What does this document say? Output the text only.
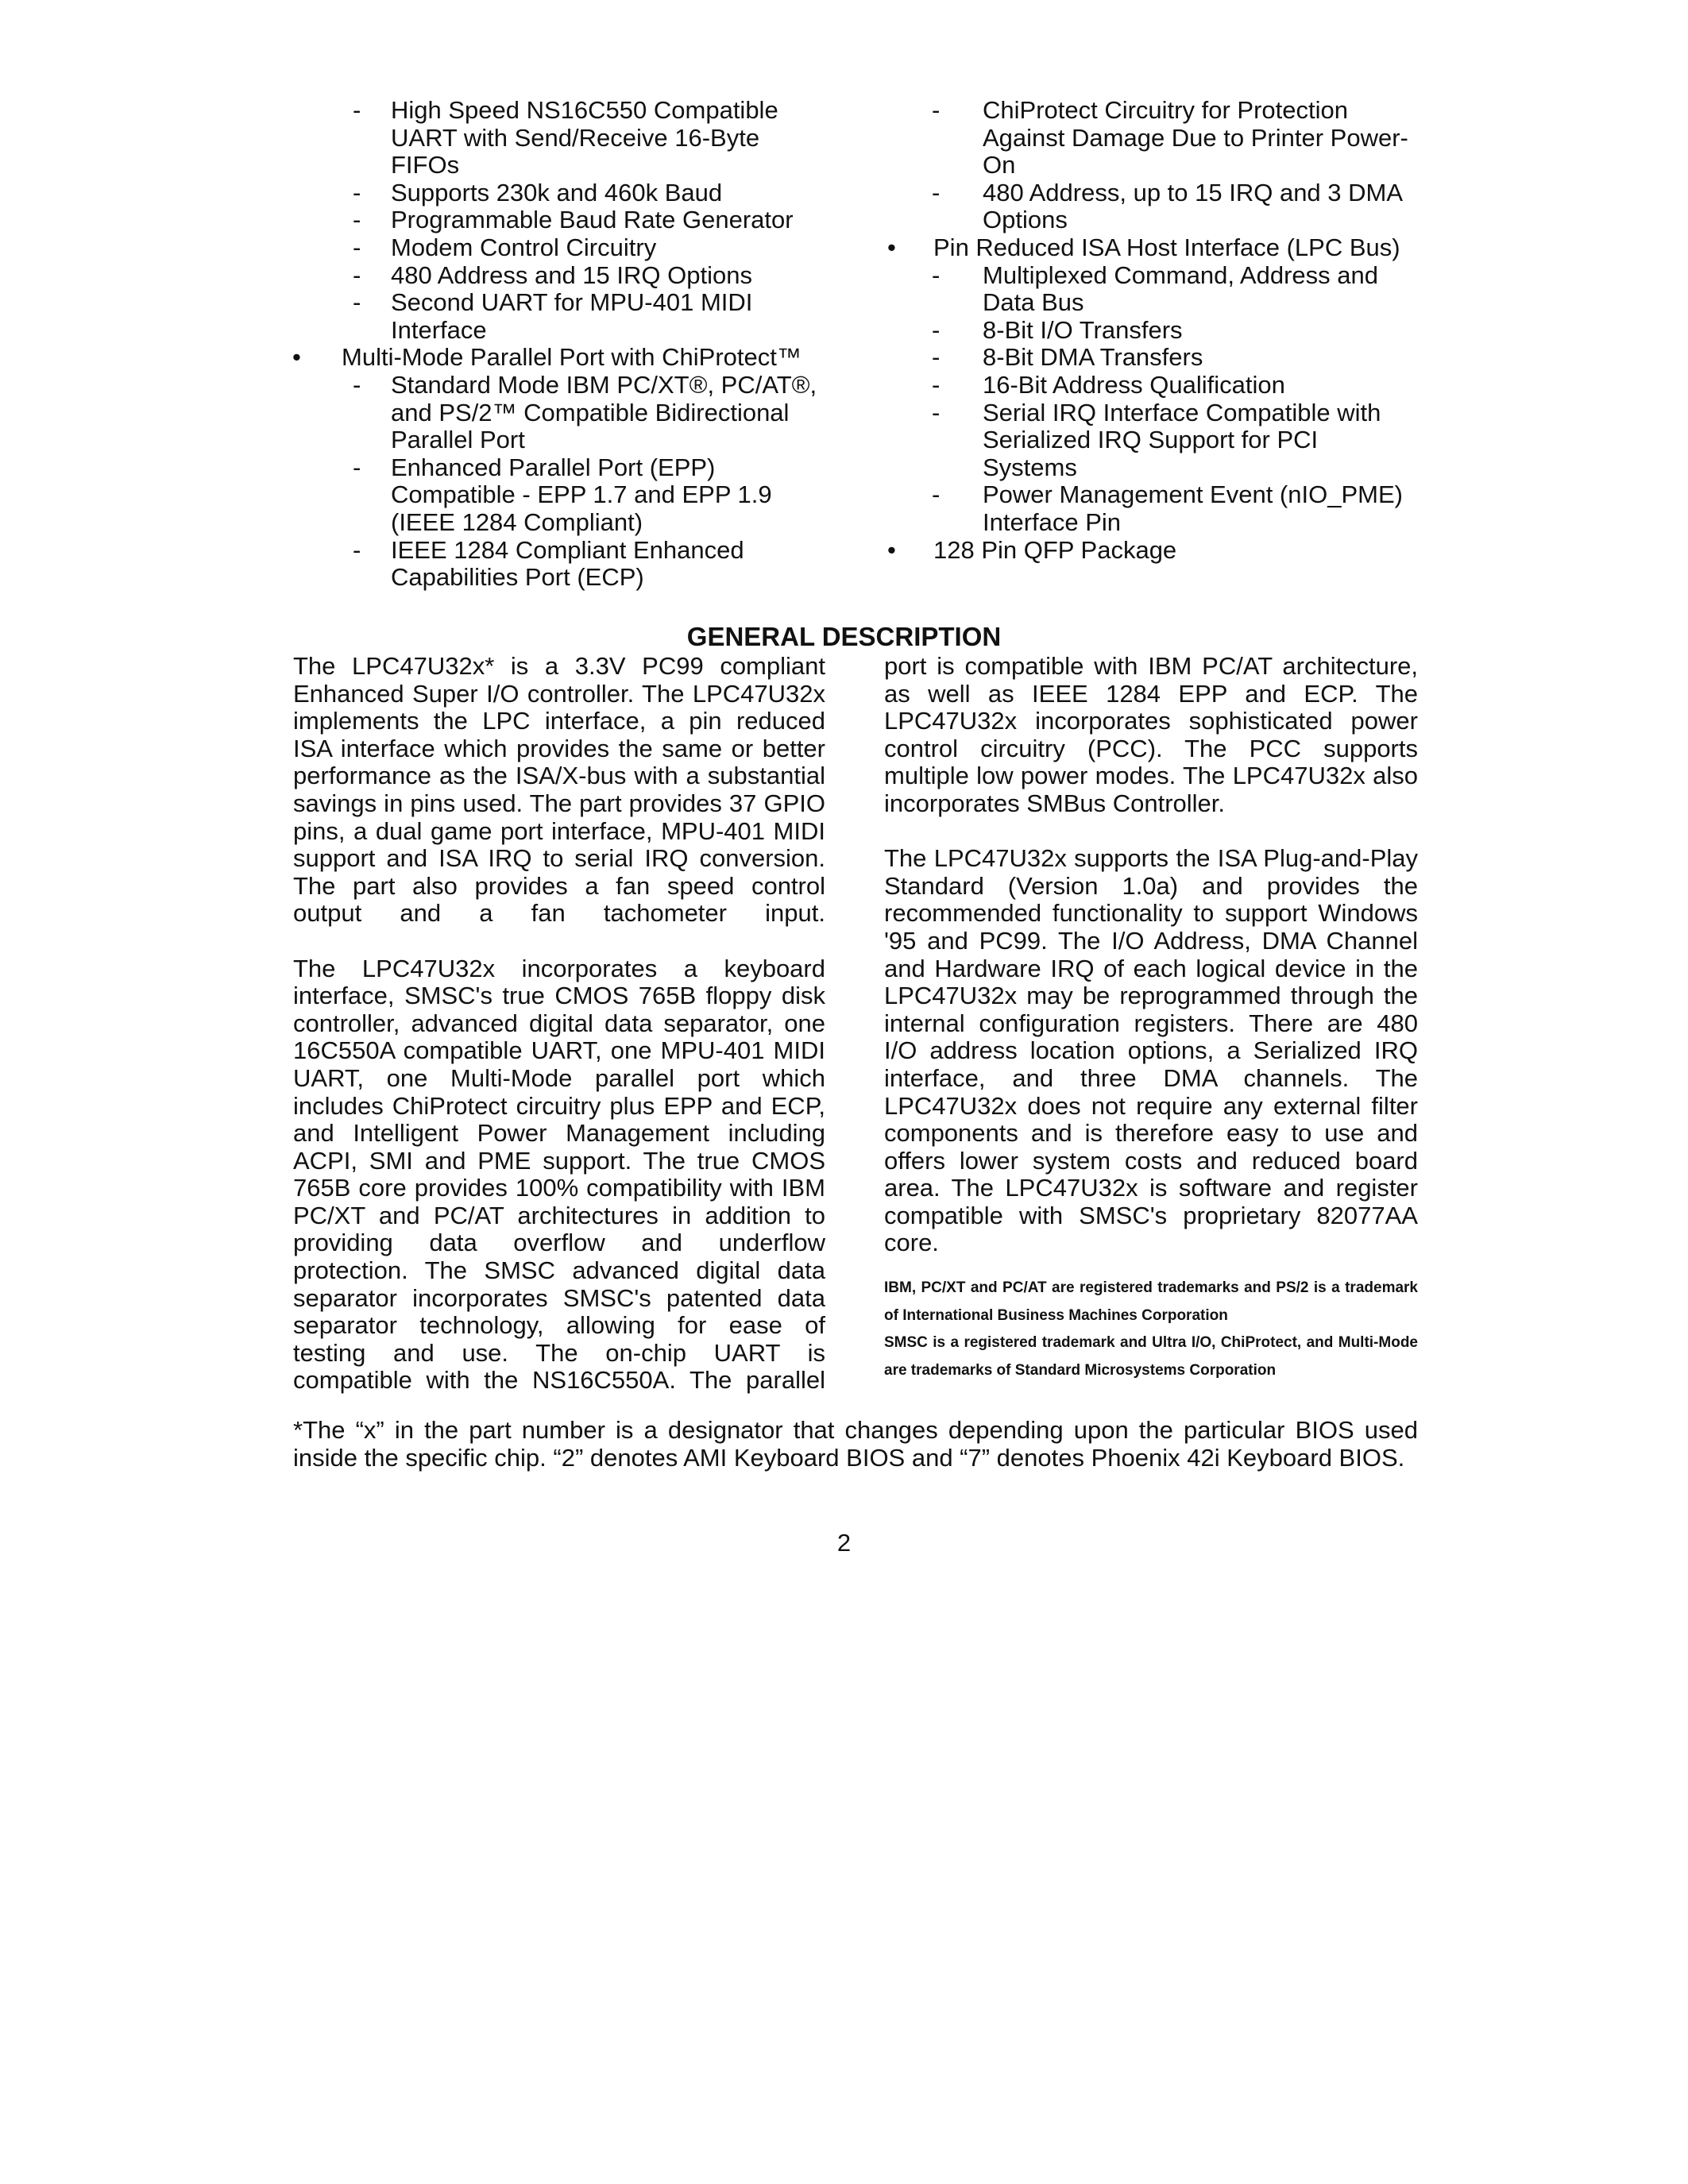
- High Speed NS16C550 Compatible
UART with Send/Receive 16-Byte
FIFOs
- Supports 230k and 460k Baud
- Programmable Baud Rate Generator
- Modem Control Circuitry
- 480 Address and 15 IRQ Options
- Second UART for MPU-401 MIDI
Interface
• Multi-Mode Parallel Port with ChiProtect™
- Standard Mode IBM PC/XT®, PC/AT®,
and PS/2™ Compatible Bidirectional
Parallel Port
- Enhanced Parallel Port (EPP)
Compatible - EPP 1.7 and EPP 1.9
(IEEE 1284 Compliant)
- IEEE 1284 Compliant Enhanced
Capabilities Port (ECP)
- ChiProtect Circuitry for Protection
Against Damage Due to Printer Power-
On
- 480 Address, up to 15 IRQ and 3 DMA
Options
• Pin Reduced ISA Host Interface (LPC Bus)
- Multiplexed Command, Address and
Data Bus
- 8-Bit I/O Transfers
- 8-Bit DMA Transfers
- 16-Bit Address Qualification
- Serial IRQ Interface Compatible with
Serialized IRQ Support for PCI
Systems
- Power Management Event (nIO_PME)
Interface Pin
• 128 Pin QFP Package
GENERAL DESCRIPTION
The LPC47U32x* is a 3.3V PC99 compliant Enhanced Super I/O controller. The LPC47U32x implements the LPC interface, a pin reduced ISA interface which provides the same or better performance as the ISA/X-bus with a substantial savings in pins used. The part provides 37 GPIO pins, a dual game port interface, MPU-401 MIDI support and ISA IRQ to serial IRQ conversion. The part also provides a fan speed control output and a fan tachometer input.
The LPC47U32x incorporates a keyboard interface, SMSC's true CMOS 765B floppy disk controller, advanced digital data separator, one 16C550A compatible UART, one MPU-401 MIDI UART, one Multi-Mode parallel port which includes ChiProtect circuitry plus EPP and ECP, and Intelligent Power Management including ACPI, SMI and PME support. The true CMOS 765B core provides 100% compatibility with IBM PC/XT and PC/AT architectures in addition to providing data overflow and underflow protection. The SMSC advanced digital data separator incorporates SMSC's patented data separator technology, allowing for ease of testing and use. The on-chip UART is compatible with the NS16C550A. The parallel
port is compatible with IBM PC/AT architecture, as well as IEEE 1284 EPP and ECP. The LPC47U32x incorporates sophisticated power control circuitry (PCC). The PCC supports multiple low power modes. The LPC47U32x also incorporates SMBus Controller.
The LPC47U32x supports the ISA Plug-and-Play Standard (Version 1.0a) and provides the recommended functionality to support Windows '95 and PC99. The I/O Address, DMA Channel and Hardware IRQ of each logical device in the LPC47U32x may be reprogrammed through the internal configuration registers. There are 480 I/O address location options, a Serialized IRQ interface, and three DMA channels. The LPC47U32x does not require any external filter components and is therefore easy to use and offers lower system costs and reduced board area. The LPC47U32x is software and register compatible with SMSC's proprietary 82077AA core.
IBM, PC/XT and PC/AT are registered trademarks and PS/2 is a trademark of International Business Machines Corporation
SMSC is a registered trademark and Ultra I/O, ChiProtect, and Multi-Mode are trademarks of Standard Microsystems Corporation
*The “x” in the part number is a designator that changes depending upon the particular BIOS used inside the specific chip. “2” denotes AMI Keyboard BIOS and “7” denotes Phoenix 42i Keyboard BIOS.
2
